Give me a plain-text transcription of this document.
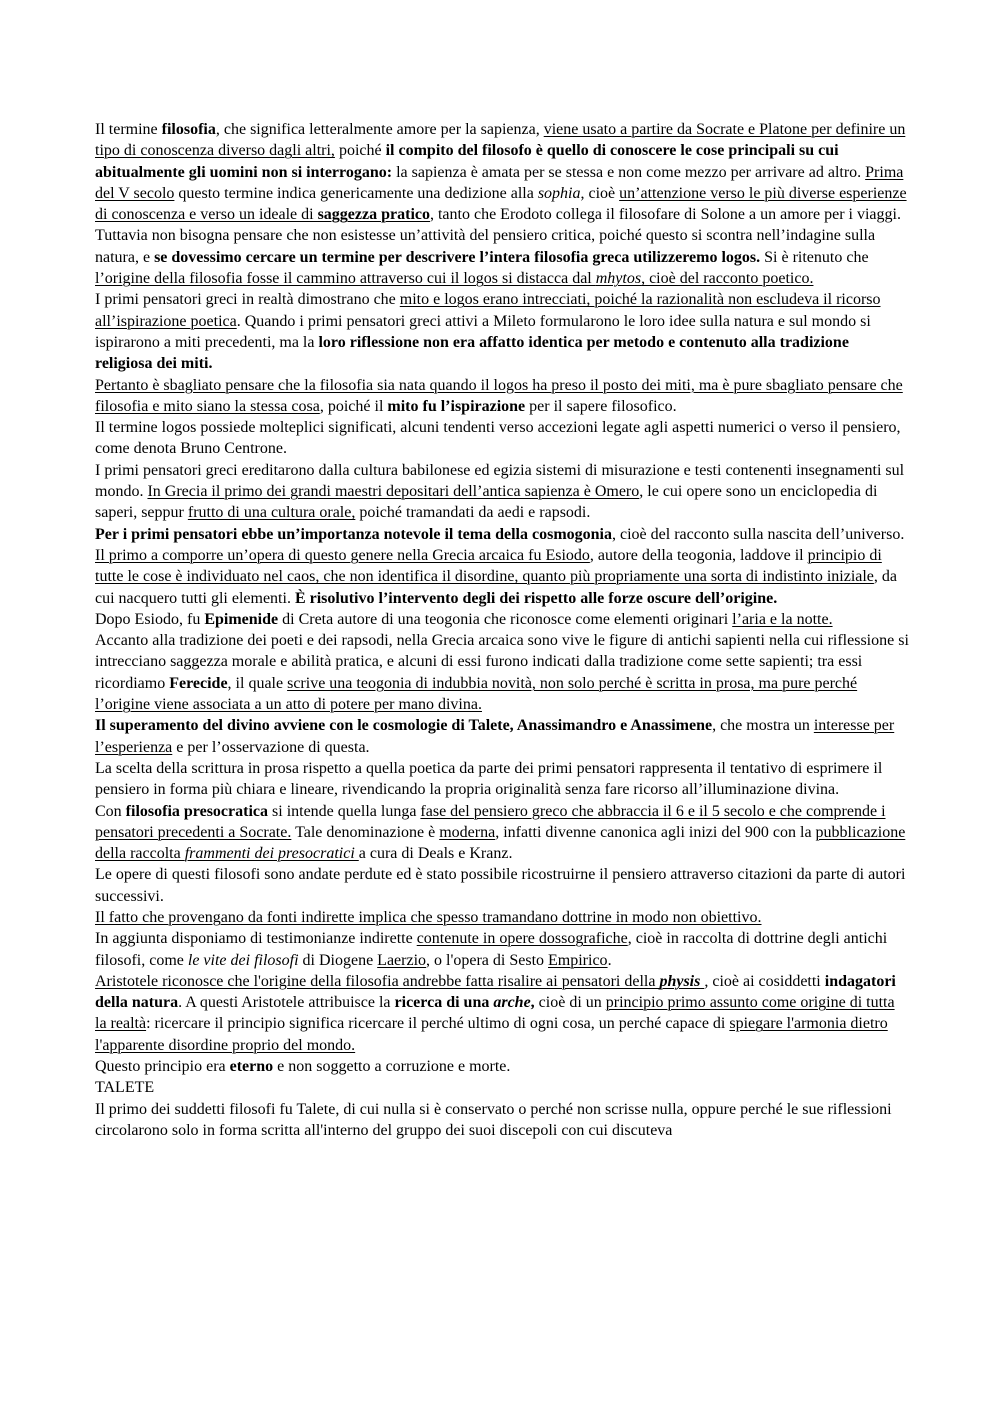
Il termine filosofia, che significa letteralmente amore per la sapienza, viene usato a partire da Socrate e Platone per definire un tipo di conoscenza diverso dagli altri, poiché il compito del filosofo è quello di conoscere le cose principali su cui abitualmente gli uomini non si interrogano: la sapienza è amata per se stessa e non come mezzo per arrivare ad altro. Prima del V secolo questo termine indica genericamente una dedizione alla sophia, cioè un’attenzione verso le più diverse esperienze di conoscenza e verso un ideale di saggezza pratico, tanto che Erodoto collega il filosofare di Solone a un amore per i viaggi. Tuttavia non bisogna pensare che non esistesse un’attività del pensiero critica, poiché questo si scontra nell’indagine sulla natura, e se dovessimo cercare un termine per descrivere l’intera filosofia greca utilizzeremo logos. Si è ritenuto che l’origine della filosofia fosse il cammino attraverso cui il logos si distacca dal mhytos, cioè del racconto poetico.

I primi pensatori greci in realtà dimostrano che mito e logos erano intrecciati, poiché la razionalità non escludeva il ricorso all’ispirazione poetica. Quando i primi pensatori greci attivi a Mileto formularono le loro idee sulla natura e sul mondo si ispirarono a miti precedenti, ma la loro riflessione non era affatto identica per metodo e contenuto alla tradizione religiosa dei miti.

Pertanto è sbagliato pensare che la filosofia sia nata quando il logos ha preso il posto dei miti, ma è pure sbagliato pensare che filosofia e mito siano la stessa cosa, poiché il mito fu l’ispirazione per il sapere filosofico.

Il termine logos possiede molteplici significati, alcuni tendenti verso accezioni legate agli aspetti numerici o verso il pensiero, come denota Bruno Centrone.

I primi pensatori greci ereditarono dalla cultura babilonese ed egizia sistemi di misurazione e testi contenenti insegnamenti sul mondo. In Grecia il primo dei grandi maestri depositari dell’antica sapienza è Omero, le cui opere sono un enciclopedia di saperi, seppur frutto di una cultura orale, poiché tramandati da aedi e rapsodi.

Per i primi pensatori ebbe un’importanza notevole il tema della cosmogonia, cioè del racconto sulla nascita dell’universo. Il primo a comporre un’opera di questo genere nella Grecia arcaica fu Esiodo, autore della teogonia, laddove il principio di tutte le cose è individuato nel caos, che non identifica il disordine, quanto più propriamente una sorta di indistinto iniziale, da cui nacquero tutti gli elementi. È risolutivo l’intervento degli dei rispetto alle forze oscure dell’origine.

Dopo Esiodo, fu Epimenide di Creta autore di una teogonia che riconosce come elementi originari l’aria e la notte.

Accanto alla tradizione dei poeti e dei rapsodi, nella Grecia arcaica sono vive le figure di antichi sapienti nella cui riflessione si intrecciano saggezza morale e abilità pratica, e alcuni di essi furono indicati dalla tradizione come sette sapienti; tra essi ricordiamo Ferecide, il quale scrive una teogonia di indubbia novità, non solo perché è scritta in prosa, ma pure perché l’origine viene associata a un atto di potere per mano divina.

Il superamento del divino avviene con le cosmologie di Talete, Anassimandro e Anassimene, che mostra un interesse per l’esperienza e per l’osservazione di questa.

La scelta della scrittura in prosa rispetto a quella poetica da parte dei primi pensatori rappresenta il tentativo di esprimere il pensiero in forma più chiara e lineare, rivendicando la propria originalità senza fare ricorso all’illuminazione divina.

Con filosofia presocratica si intende quella lunga fase del pensiero greco che abbraccia il 6 e il 5 secolo e che comprende i pensatori precedenti a Socrate. Tale denominazione è moderna, infatti divenne canonica agli inizi del 900 con la pubblicazione della raccolta frammenti dei presocratici a cura di Deals e Kranz.

Le opere di questi filosofi sono andate perdute ed è stato possibile ricostruirne il pensiero attraverso citazioni da parte di autori successivi.

Il fatto che provengano da fonti indirette implica che spesso tramandano dottrine in modo non obiettivo.

In aggiunta disponiamo di testimonianze indirette contenute in opere dossografiche, cioè in raccolta di dottrine degli antichi filosofi, come le vite dei filosofi di Diogene Laerzio, o l'opera di Sesto Empirico.

Aristotele riconosce che l'origine della filosofia andrebbe fatta risalire ai pensatori della physis , cioè ai cosiddetti indagatori della natura. A questi Aristotele attribuisce la ricerca di una arche, cioè di un principio primo assunto come origine di tutta la realtà: ricercare il principio significa ricercare il perché ultimo di ogni cosa, un perché capace di spiegare l'armonia dietro l'apparente disordine proprio del mondo.

Questo principio era eterno e non soggetto a corruzione e morte.

TALETE

Il primo dei suddetti filosofi fu Talete, di cui nulla si è conservato o perché non scrisse nulla, oppure perché le sue riflessioni circolarono solo in forma scritta all'interno del gruppo dei suoi discepoli con cui discuteva
